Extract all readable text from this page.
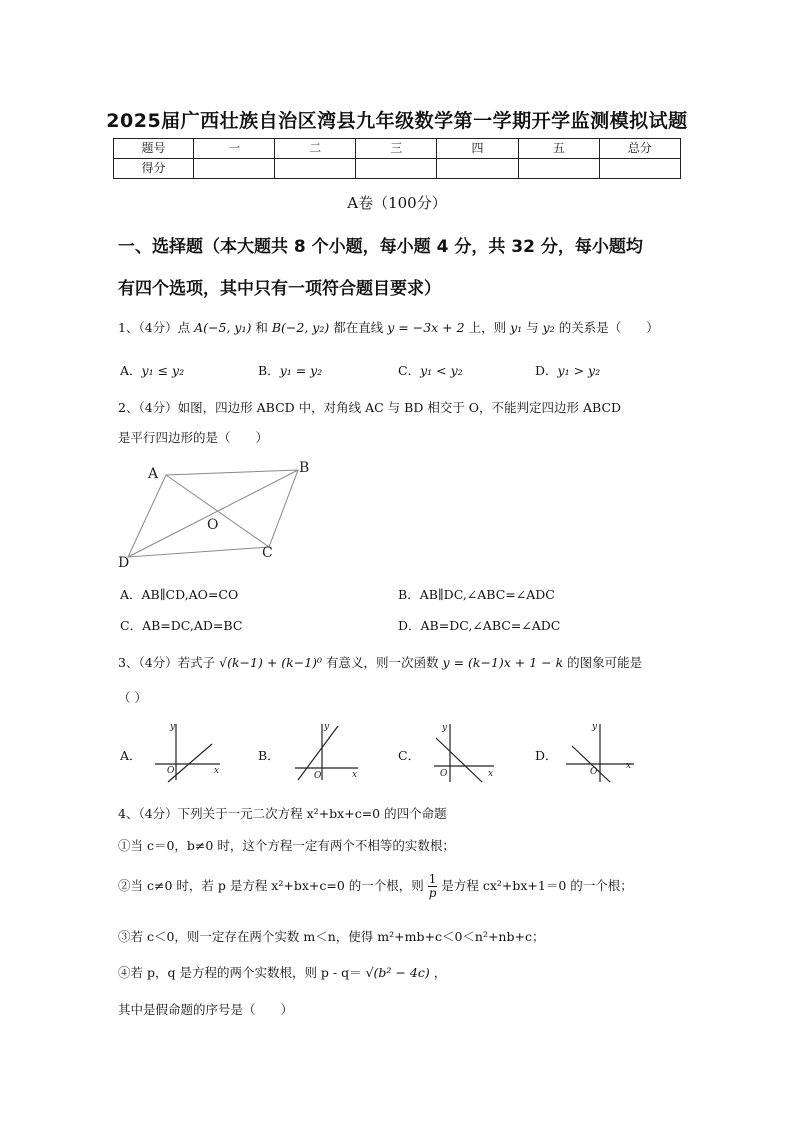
2025届广西壮族自治区湾县九年级数学第一学期开学监测模拟试题
题号	一	二	三	四	五	总分
得分						
A卷（100分）
一、选择题（本大题共 8 个小题，每小题 4 分，共 32 分，每小题均
有四个选项，其中只有一项符合题目要求）
1、（4分）点 A(−5, y₁) 和 B(−2, y₂) 都在直线 y = −3x + 2 上，则 y₁ 与 y₂ 的关系是（　　）
A．y₁ ≤ y₂	B．y₁ = y₂	C．y₁ < y₂	D．y₁ > y₂
2、（4分）如图，四边形 ABCD 中，对角线 AC 与 BD 相交于 O，不能判定四边形 ABCD
是平行四边形的是（　　）
A	B
C
D
O
A．AB∥CD,AO=CO	B．AB∥DC,∠ABC=∠ADC
C．AB=DC,AD=BC	D．AB=DC,∠ABC=∠ADC
3、（4分）若式子 √(k−1) + (k−1)⁰ 有意义，则一次函数 y = (k−1)x + 1 − k 的图象可能是
（ ）
A．	B．	C．	D．
y
x
O
y
x
O
y
x
O
y
x
O
4、（4分）下列关于一元二次方程 x²+bx+c=0 的四个命题
①当 c＝0，b≠0 时，这个方程一定有两个不相等的实数根；
②当 c≠0 时，若 p 是方程 x²+bx+c=0 的一个根，则 $\frac{1}{p}$ 是方程 cx²+bx+1＝0 的一个根；
③若 c＜0，则一定存在两个实数 m＜n，使得 m²+mb+c＜0＜n²+nb+c；
④若 p，q 是方程的两个实数根，则 p - q＝ √(b² − 4c) ，
其中是假命题的序号是（　　）
